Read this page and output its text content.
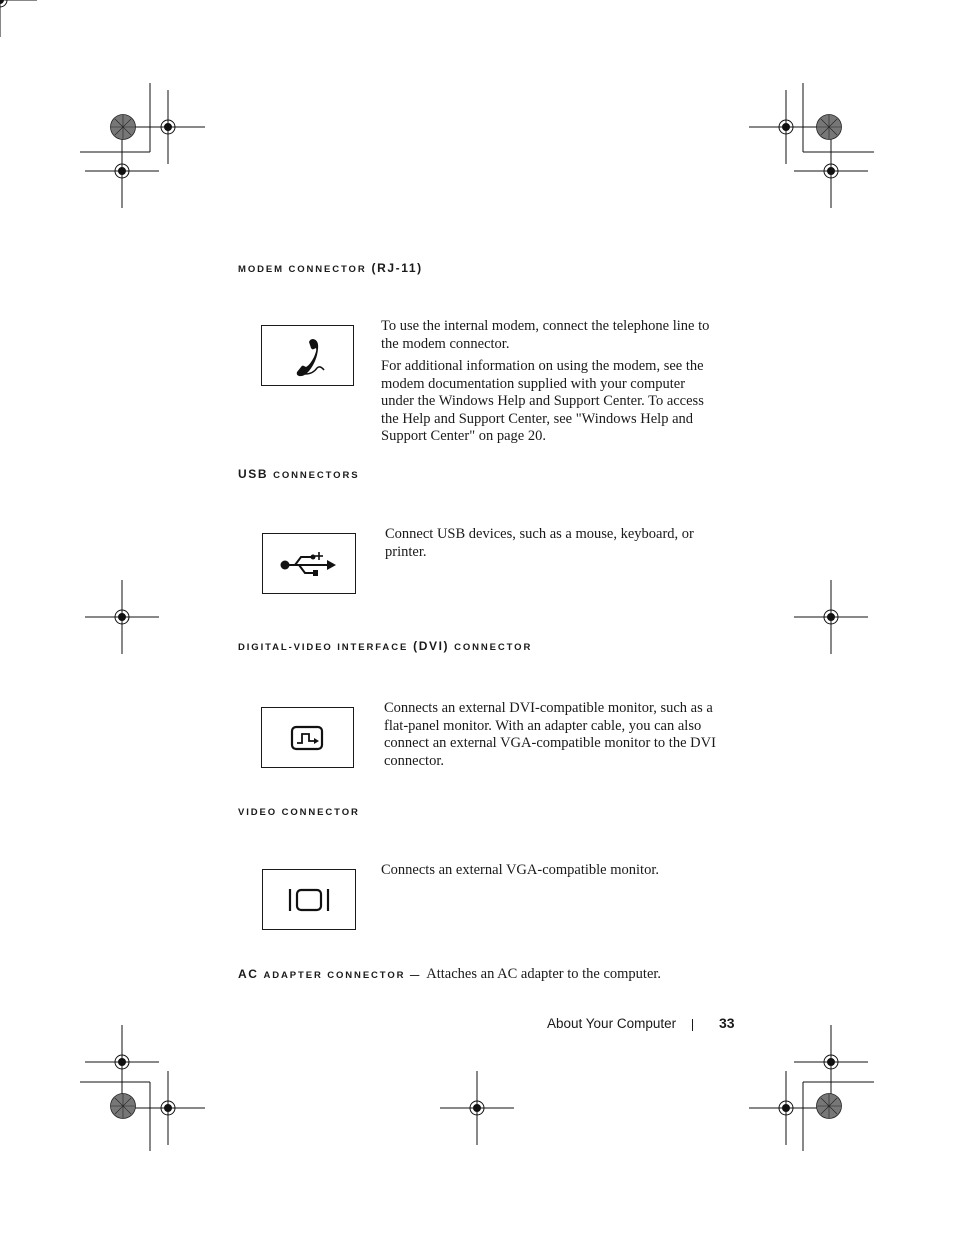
MODEM CONNECTOR (RJ-11)

To use the internal modem, connect the telephone line to the modem connector.

For additional information on using the modem, see the modem documentation supplied with your computer under the Windows Help and Support Center. To access the Help and Support Center, see "Windows Help and Support Center" on page 20.

USB CONNECTORS

Connect USB devices, such as a mouse, keyboard, or printer.

DIGITAL-VIDEO INTERFACE (DVI) CONNECTOR

Connects an external DVI-compatible monitor, such as a flat-panel monitor. With an adapter cable, you can also connect an external VGA-compatible monitor to the DVI connector.

VIDEO CONNECTOR

Connects an external VGA-compatible monitor.

AC ADAPTER CONNECTOR — Attaches an AC adapter to the computer.
About Your Computer	33
